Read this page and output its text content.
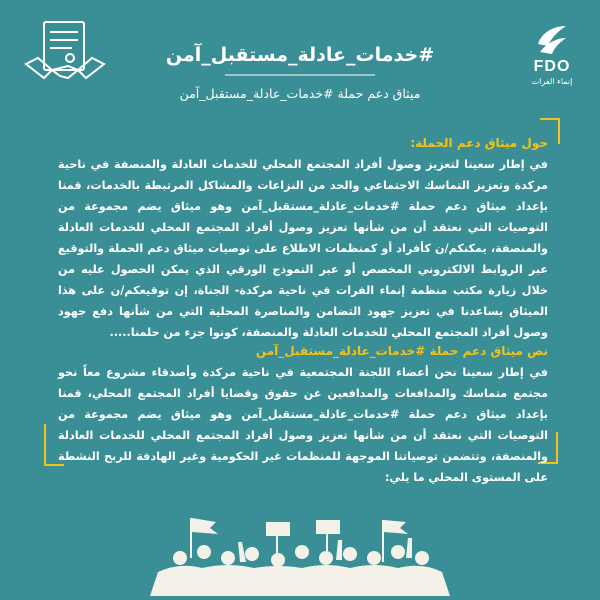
FDO
إنماء الفرات
#خدمات_عادلة_مستقبل_آمن
ميثاق دعم حملة #خدمات_عادلة_مستقبل_آمن
حول ميثاق دعم الحملة:

في إطار سعينا لتعزيز وصول أفراد المجتمع المحلي للخدمات العادلة والمنصفة في ناحية مركدة وتعزيز التماسك الاجتماعي والحد من النزاعات والمشاكل المرتبطة بالخدمات، قمنا بإعداد ميثاق دعم حملة #خدمات_عادلة_مستقبل_آمن وهو ميثاق يضم مجموعة من التوصيات التي نعتقد أن من شأنها تعزيز وصول أفراد المجتمع المحلي للخدمات العادلة والمنصفة، يمكنكم/ن كأفراد أو كمنظمات الاطلاع على توصيات ميثاق دعم الحملة والتوقيع عبر الروابط الالكتروني المخصص أو عبر النموذج الورقي الذي يمكن الحصول عليه من خلال زيارة مكتب منظمة إنماء الفرات في ناحية مركدة- الجناة، إن توقيعكم/ن على هذا الميثاق يساعدنا في تعزيز جهود التضامن والمناصرة المحلية التي من شأنها دفع جهود وصول أفراد المجتمع المحلي للخدمات العادلة والمنصفة، كونوا جزء من حلمنا.....

نص ميثاق دعم حملة #خدمات_عادلة_مستقبل_آمن

في إطار سعينا نحن أعضاء اللجنة المجتمعية في ناحية مركدة وأصدقاء مشروع معاً نحو مجتمع متماسك والمدافعات والمدافعين عن حقوق وقضايا أفراد المجتمع المحلي، قمنا بإعداد ميثاق دعم حملة #خدمات_عادلة_مستقبل_آمن وهو ميثاق يضم مجموعة من التوصيات التي نعتقد أن من شأنها تعزيز وصول أفراد المجتمع المحلي للخدمات العادلة والمنصفة، وتتضمن توصياتنا الموجهة للمنظمات غير الحكومية وغير الهادفة للربح النشطة على المستوى المحلي ما يلي:
